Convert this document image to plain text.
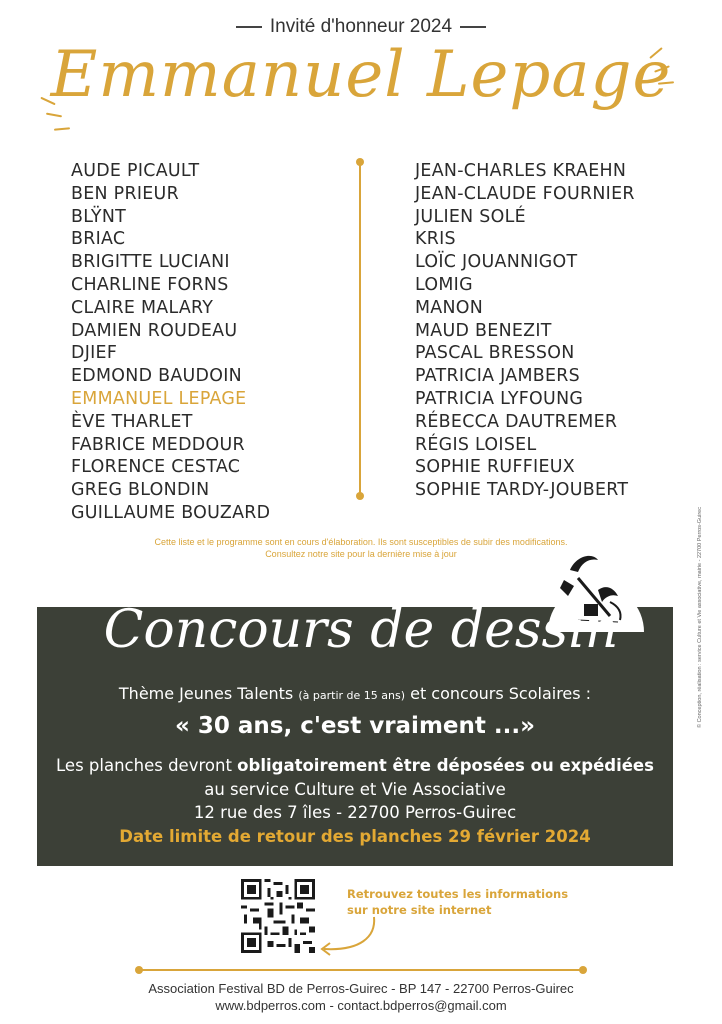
Invité d'honneur 2024
Emmanuel Lepage
AUDE PICAULT
BEN PRIEUR
BLŸNT
BRIAC
BRIGITTE LUCIANI
CHARLINE FORNS
CLAIRE MALARY
DAMIEN ROUDEAU
DJIEF
EDMOND BAUDOIN
EMMANUEL LEPAGE
ÈVE THARLET
FABRICE MEDDOUR
FLORENCE CESTAC
GREG BLONDIN
GUILLAUME BOUZARD
JEAN-CHARLES KRAEHN
JEAN-CLAUDE FOURNIER
JULIEN SOLÉ
KRIS
LOÏC JOUANNIGOT
LOMIG
MANON
MAUD BENEZIT
PASCAL BRESSON
PATRICIA JAMBERS
PATRICIA LYFOUNG
RÉBECCA DAUTREMER
RÉGIS LOISEL
SOPHIE RUFFIEUX
SOPHIE TARDY-JOUBERT
Cette liste et le programme sont en cours d'élaboration. Ils sont susceptibles de subir des modifications.
Consultez notre site pour la dernière mise à jour
Concours de dessin
Thème Jeunes Talents (à partir de 15 ans) et concours Scolaires :
« 30 ans, c'est vraiment ...»
Les planches devront obligatoirement être déposées ou expédiées
au service Culture et Vie Associative
12 rue des 7 îles - 22700 Perros-Guirec
Date limite de retour des planches 29 février 2024
Retrouvez toutes les informations
sur notre site internet
Association Festival BD de Perros-Guirec - BP 147 - 22700 Perros-Guirec
www.bdperros.com - contact.bdperros@gmail.com
© Conception, réalisation : service Culture et Vie associative, mairie - 22700 Perros-Guirec
